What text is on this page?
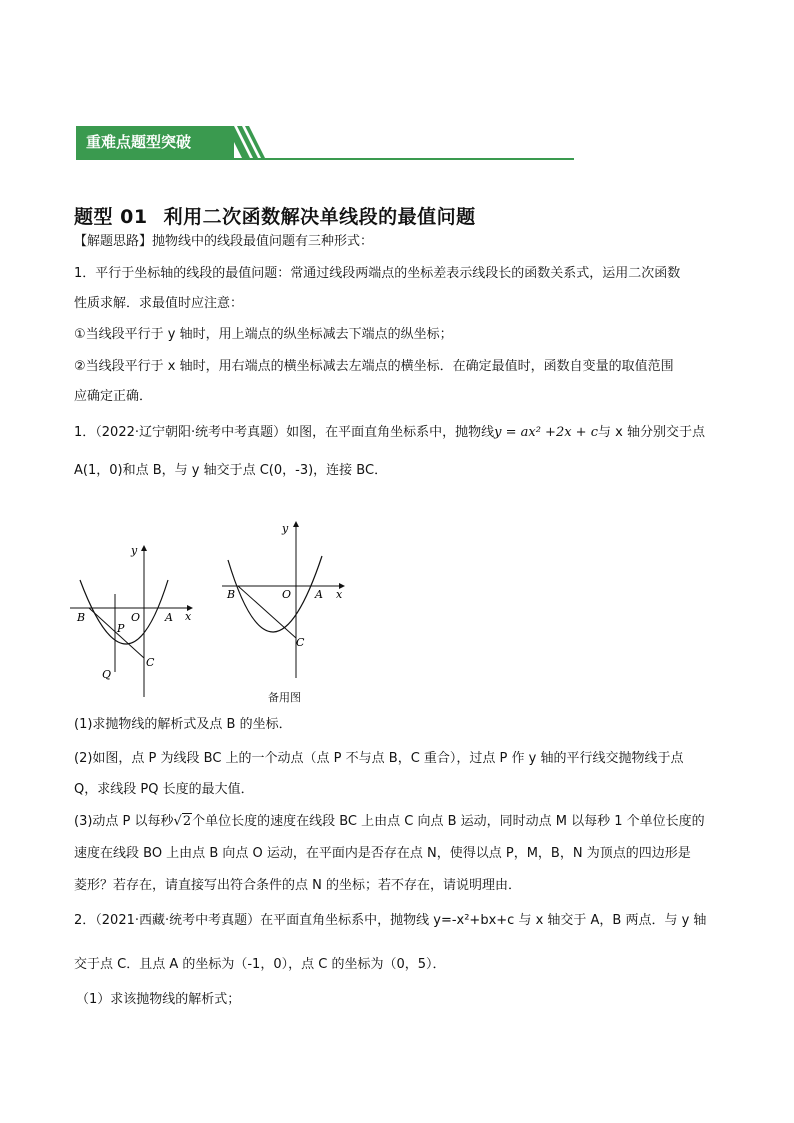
重难点题型突破
题型 01 利用二次函数解决单线段的最值问题
【解题思路】抛物线中的线段最值问题有三种形式：
1．平行于坐标轴的线段的最值问题：常通过线段两端点的坐标差表示线段长的函数关系式，运用二次函数
性质求解．求最值时应注意：
①当线段平行于 y 轴时，用上端点的纵坐标减去下端点的纵坐标；
②当线段平行于 x 轴时，用右端点的横坐标减去左端点的横坐标．在确定最值时，函数自变量的取值范围
应确定正确．
1．（2022·辽宁朝阳·统考中考真题）如图，在平面直角坐标系中，抛物线y = ax² +2x + c与 x 轴分别交于点
A(1，0)和点 B，与 y 轴交于点 C(0，-3)，连接 BC．
y
x
O A
B
P
C
Q
y
x
O A
B
C
备用图
(1)求抛物线的解析式及点 B 的坐标．
(2)如图，点 P 为线段 BC 上的一个动点（点 P 不与点 B，C 重合），过点 P 作 y 轴的平行线交抛物线于点
Q，求线段 PQ 长度的最大值．
(3)动点 P 以每秒√2个单位长度的速度在线段 BC 上由点 C 向点 B 运动，同时动点 M 以每秒 1 个单位长度的
速度在线段 BO 上由点 B 向点 O 运动，在平面内是否存在点 N，使得以点 P，M，B，N 为顶点的四边形是
菱形？若存在，请直接写出符合条件的点 N 的坐标；若不存在，请说明理由．
2．（2021·西藏·统考中考真题）在平面直角坐标系中，抛物线 y=-x²+bx+c 与 x 轴交于 A，B 两点．与 y 轴
交于点 C．且点 A 的坐标为（-1，0），点 C 的坐标为（0，5）．
（1）求该抛物线的解析式；
